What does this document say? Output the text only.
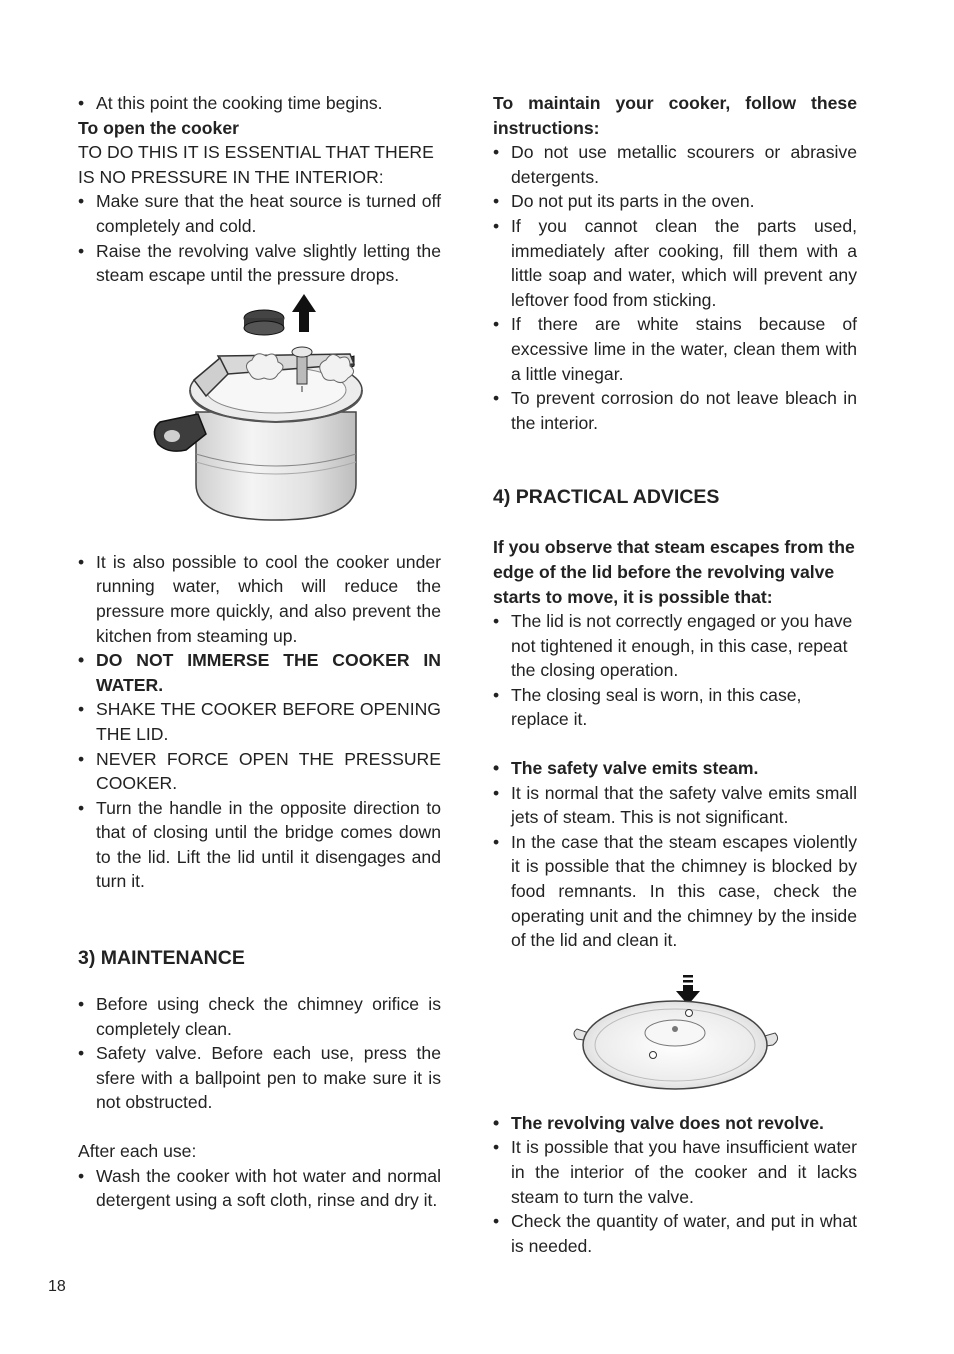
• At this point the cooking time begins.

To open the cooker

TO DO THIS IT IS ESSENTIAL THAT THERE IS NO PRESSURE IN THE INTERIOR:

• Make sure that the heat source is turned off completely and cold.
• Raise the revolving valve slightly letting the steam escape until the pressure drops.
• It is also possible to cool the cooker under running water, which will reduce the pressure more quickly, and also prevent the kitchen from steaming up.
• DO NOT IMMERSE THE COOKER IN WATER.
• SHAKE THE COOKER BEFORE OPENING THE LID.
• NEVER FORCE OPEN THE PRESSURE COOKER.
• Turn the handle in the opposite direction to that of closing until the bridge comes down to the lid. Lift the lid until it disengages and turn it.

3) MAINTENANCE

• Before using check the chimney orifice is completely clean.
• Safety valve. Before each use, press the sfere with a ballpoint pen to make sure it is not obstructed.

After each use:

• Wash the cooker with hot water and normal detergent using a soft cloth, rinse and dry it.

To maintain your cooker, follow these instructions:

• Do not use metallic scourers or abrasive detergents.
• Do not put its parts in the oven.
• If you cannot clean the parts used, immediately after cooking, fill them with a little soap and water, which will prevent any leftover food from sticking.
• If there are white stains because of excessive lime in the water, clean them with a little vinegar.
• To prevent corrosion do not leave bleach in the interior.

4) PRACTICAL ADVICES

If you observe that steam escapes from the edge of the lid before the revolving valve starts to move, it is possible that:

• The lid is not correctly engaged or you have not tightened it enough, in this case, repeat the closing operation.
• The closing seal is worn, in this case, replace it.
• The safety valve emits steam.
• It is normal that the safety valve emits small jets of steam. This is not significant.
• In the case that the steam escapes violently it is possible that the chimney is blocked by food remnants. In this case, check the operating unit and the chimney by the inside of the lid and clean it.
• The revolving valve does not revolve.
• It is possible that you have insufficient water in the interior of the cooker and it lacks steam to turn the valve.
• Check the quantity of water, and put in what is needed.
18
